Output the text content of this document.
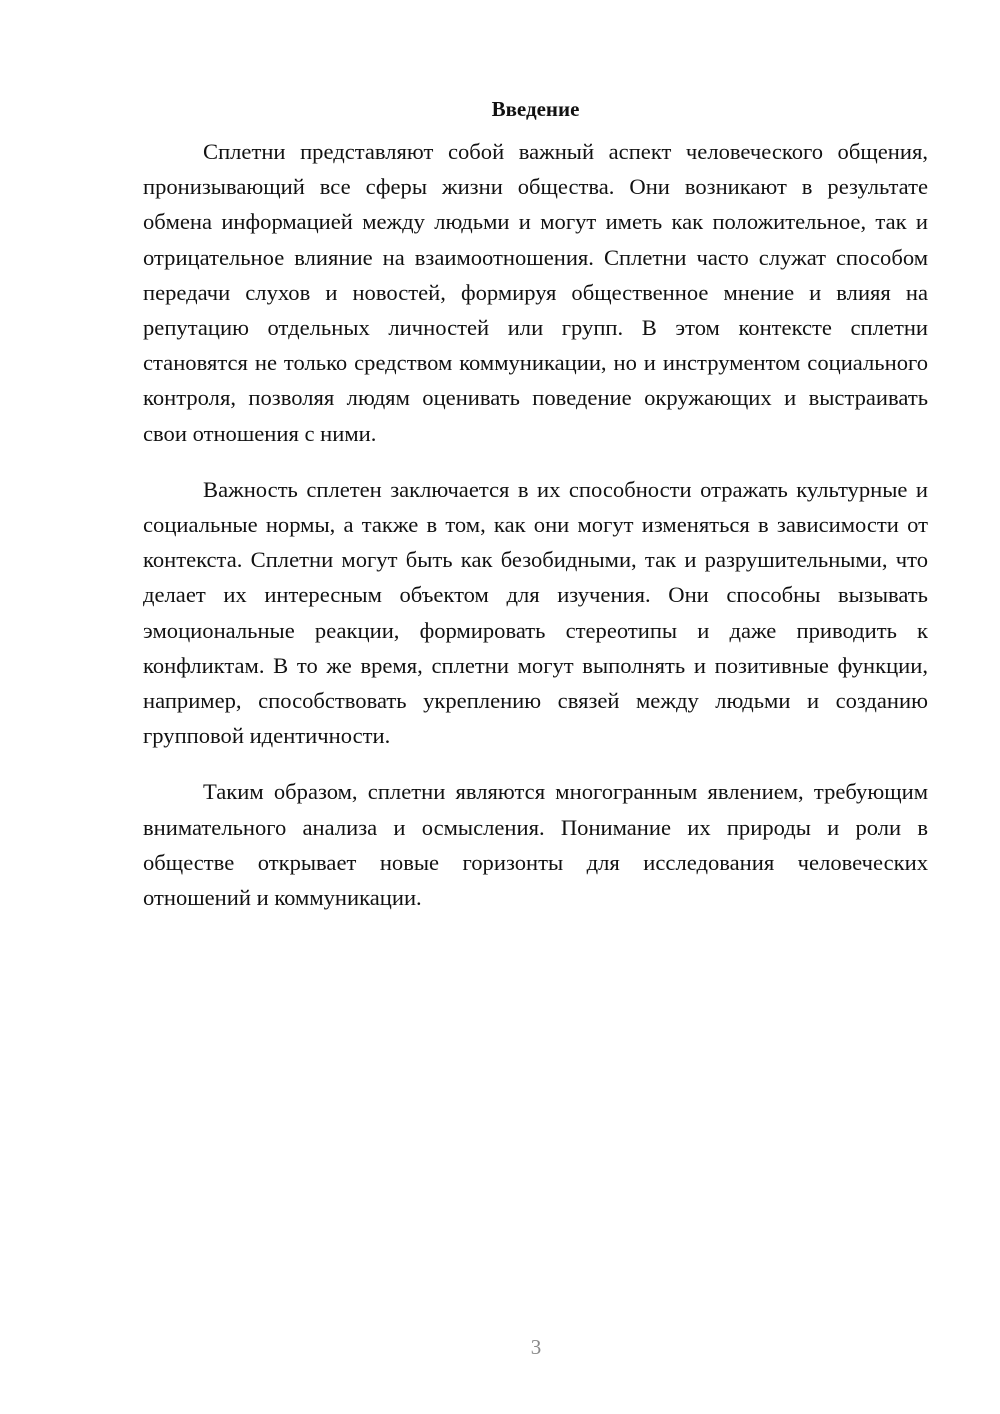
Введение

Сплетни представляют собой важный аспект человеческого общения, пронизывающий все сферы жизни общества. Они возникают в результате обмена информацией между людьми и могут иметь как положительное, так и отрицательное влияние на взаимоотношения. Сплетни часто служат способом передачи слухов и новостей, формируя общественное мнение и влияя на репутацию отдельных личностей или групп. В этом контексте сплетни становятся не только средством коммуникации, но и инструментом социального контроля, позволяя людям оценивать поведение окружающих и выстраивать свои отношения с ними.

Важность сплетен заключается в их способности отражать культурные и социальные нормы, а также в том, как они могут изменяться в зависимости от контекста. Сплетни могут быть как безобидными, так и разрушительными, что делает их интересным объектом для изучения. Они способны вызывать эмоциональные реакции, формировать стереотипы и даже приводить к конфликтам. В то же время, сплетни могут выполнять и позитивные функции, например, способствовать укреплению связей между людьми и созданию групповой идентичности.

Таким образом, сплетни являются многогранным явлением, требующим внимательного анализа и осмысления. Понимание их природы и роли в обществе открывает новые горизонты для исследования человеческих отношений и коммуникации.

3
